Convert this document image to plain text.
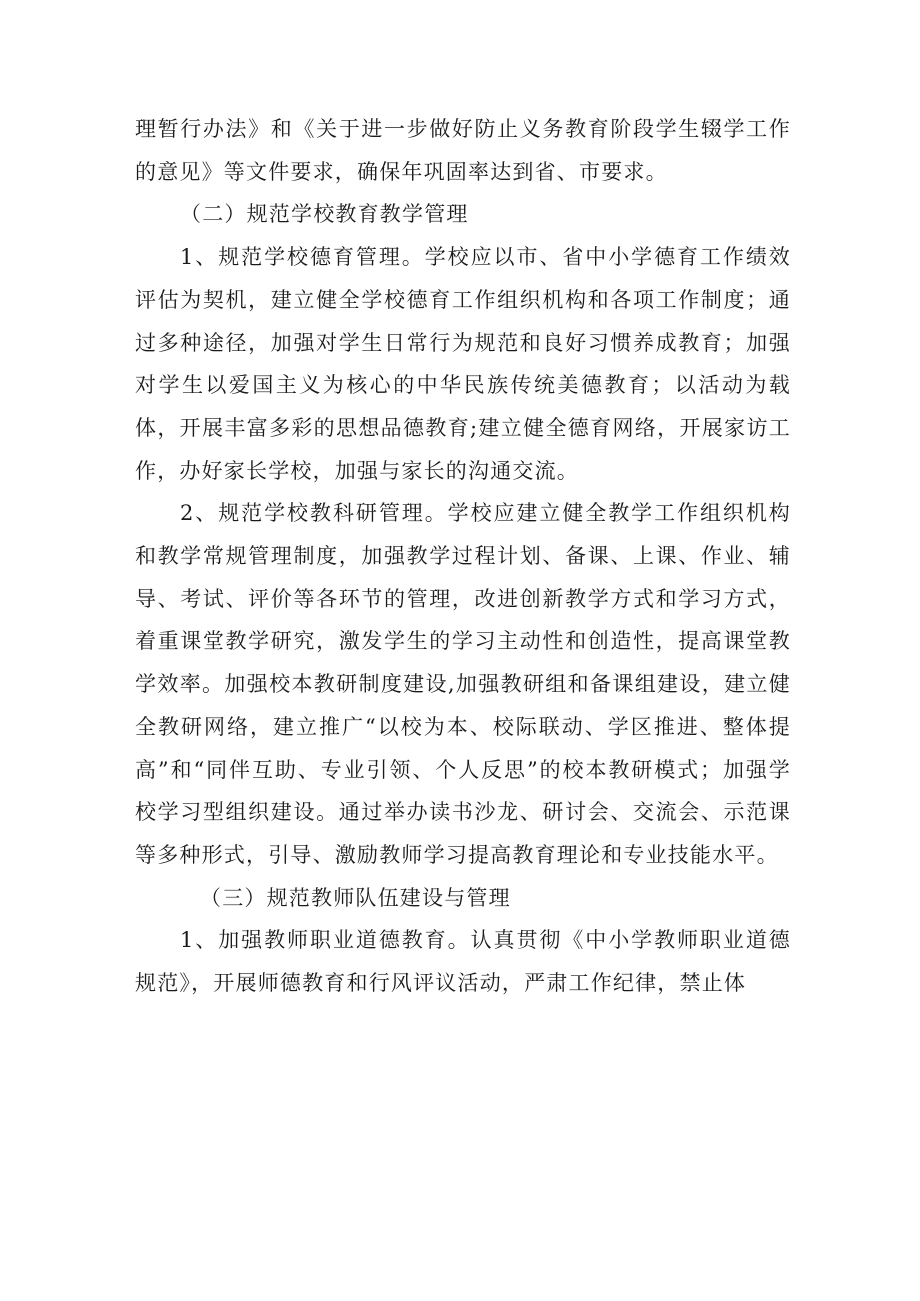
理暂行办法》和《关于进一步做好防止义务教育阶段学生辍学工作的意见》等文件要求，确保年巩固率达到省、市要求。

（二）规范学校教育教学管理

1、规范学校德育管理。学校应以市、省中小学德育工作绩效评估为契机，建立健全学校德育工作组织机构和各项工作制度；通过多种途径，加强对学生日常行为规范和良好习惯养成教育；加强对学生以爱国主义为核心的中华民族传统美德教育；以活动为载体，开展丰富多彩的思想品德教育;建立健全德育网络，开展家访工作，办好家长学校，加强与家长的沟通交流。

2、规范学校教科研管理。学校应建立健全教学工作组织机构和教学常规管理制度，加强教学过程计划、备课、上课、作业、辅导、考试、评价等各环节的管理，改进创新教学方式和学习方式，着重课堂教学研究，激发学生的学习主动性和创造性，提高课堂教学效率。加强校本教研制度建设,加强教研组和备课组建设，建立健全教研网络，建立推广“以校为本、校际联动、学区推进、整体提高”和“同伴互助、专业引领、个人反思”的校本教研模式；加强学校学习型组织建设。通过举办读书沙龙、研讨会、交流会、示范课等多种形式，引导、激励教师学习提高教育理论和专业技能水平。

（三）规范教师队伍建设与管理

1、加强教师职业道德教育。认真贯彻《中小学教师职业道德规范》，开展师德教育和行风评议活动，严肃工作纪律，禁止体
